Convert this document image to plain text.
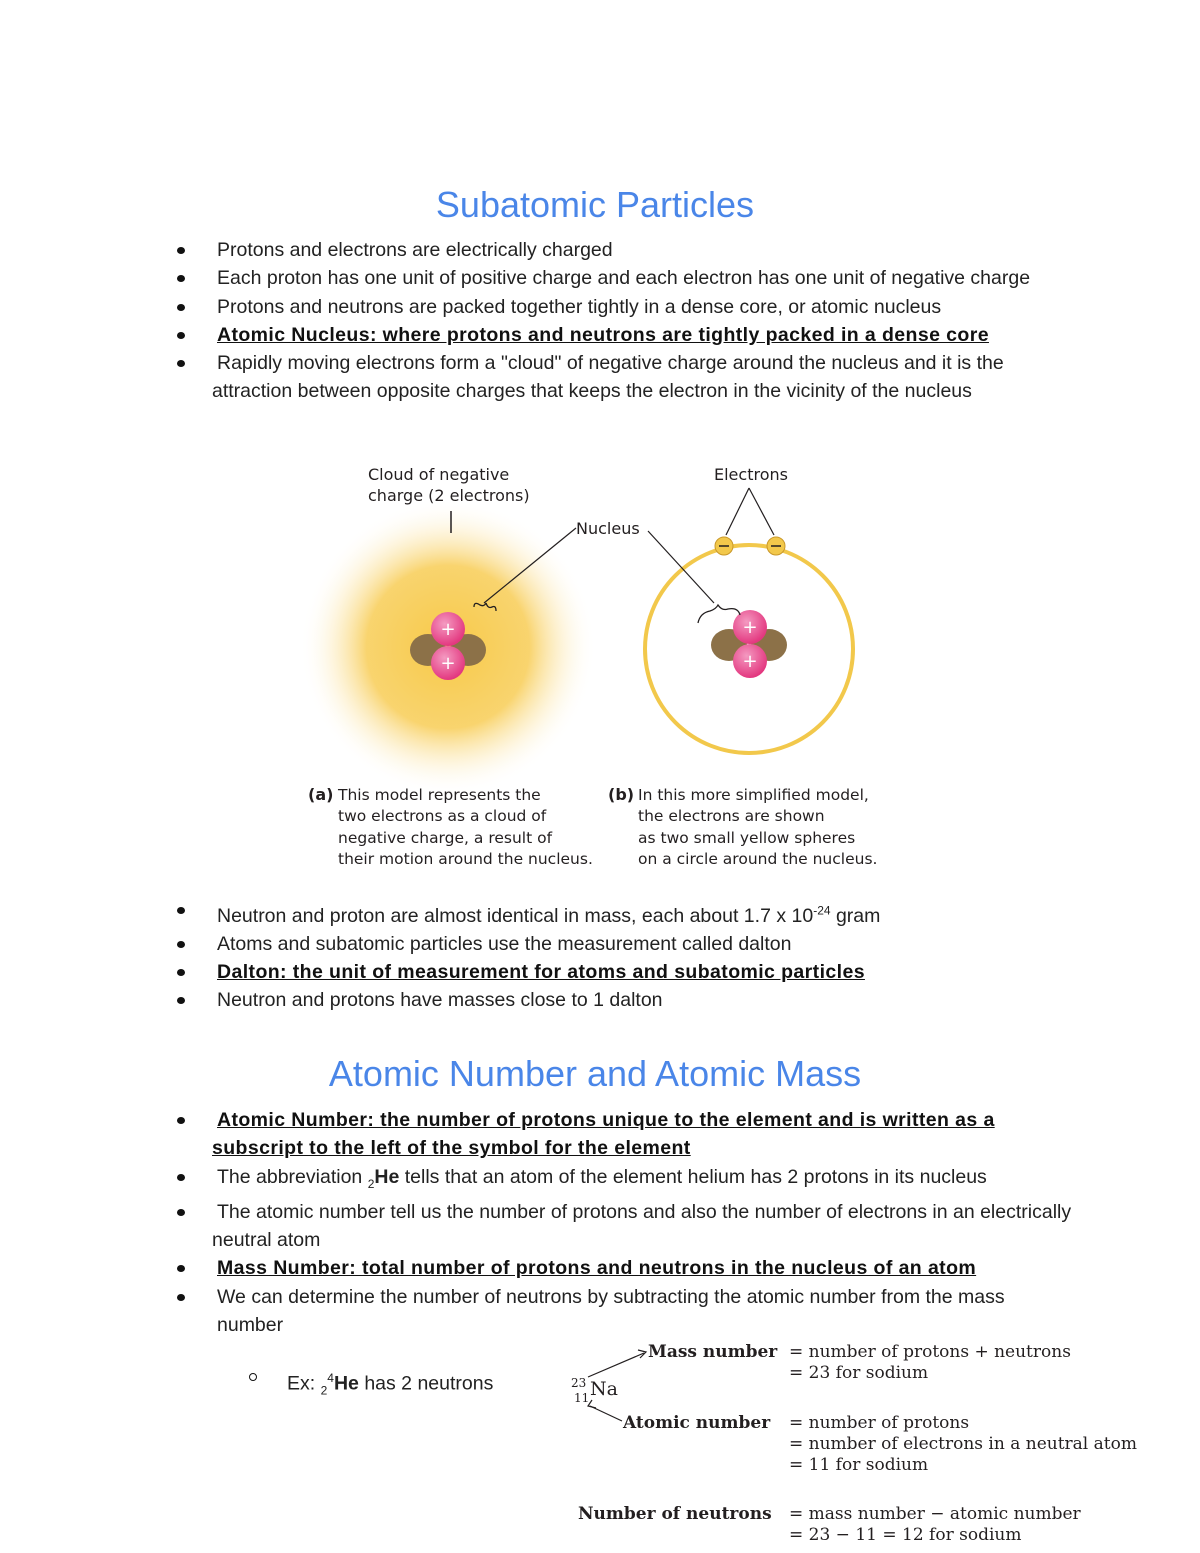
Subatomic Particles
Protons and electrons are electrically charged
Each proton has one unit of positive charge and each electron has one unit of negative charge
Protons and neutrons are packed together tightly in a dense core, or atomic nucleus
Atomic Nucleus: where protons and neutrons are tightly packed in a dense core
Rapidly moving electrons form a "cloud" of negative charge around the nucleus and it is the attraction between opposite charges that keeps the electron in the vicinity of the nucleus
+
+
+
+
Cloud of negative
charge (2 electrons)
Nucleus
Electrons
(a) This model represents the
two electrons as a cloud of
negative charge, a result of
their motion around the nucleus.
(b) In this more simplified model,
the electrons are shown
as two small yellow spheres
on a circle around the nucleus.
Neutron and proton are almost identical in mass, each about 1.7 x $10^{-24}$ gram
Atoms and subatomic particles use the measurement called dalton
Dalton: the unit of measurement for atoms and subatomic particles
Neutron and protons have masses close to 1 dalton
Atomic Number and Atomic Mass
Atomic Number: the number of protons unique to the element and is written as a subscript to the left of the symbol for the element
The abbreviation $_2$He tells that an atom of the element helium has 2 protons in its nucleus
The atomic number tell us the number of protons and also the number of electrons in an electrically neutral atom
Mass Number: total number of protons and neutrons in the nucleus of an atom
We can determine the number of neutrons by subtracting the atomic number from the mass number
Ex: $_2^4$He has 2 neutrons	23
11 Na
Mass number = number of protons + neutrons
= 23 for sodium
Atomic number = number of protons
= number of electrons in a neutral atom
= 11 for sodium
Number of neutrons = mass number − atomic number
= 23 − 11 = 12 for sodium
